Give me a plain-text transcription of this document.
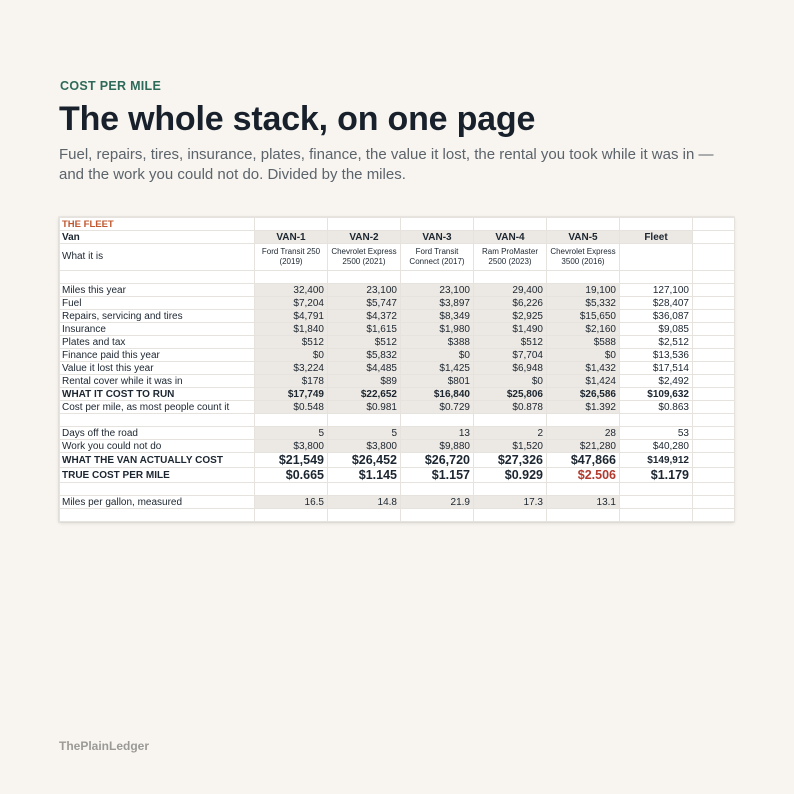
COST PER MILE
The whole stack, on one page
Fuel, repairs, tires, insurance, plates, finance, the value it lost, the rental you took while it was in — and the work you could not do. Divided by the miles.
THE FLEET							
Van	VAN-1	VAN-2	VAN-3	VAN-4	VAN-5	Fleet	
What it is	Ford Transit 250 (2019)	Chevrolet Express 2500 (2021)	Ford Transit Connect (2017)	Ram ProMaster 2500 (2023)	Chevrolet Express 3500 (2016)		

Miles this year	32,400	23,100	23,100	29,400	19,100	127,100	
Fuel	$7,204	$5,747	$3,897	$6,226	$5,332	$28,407	
Repairs, servicing and tires	$4,791	$4,372	$8,349	$2,925	$15,650	$36,087	
Insurance	$1,840	$1,615	$1,980	$1,490	$2,160	$9,085	
Plates and tax	$512	$512	$388	$512	$588	$2,512	
Finance paid this year	$0	$5,832	$0	$7,704	$0	$13,536	
Value it lost this year	$3,224	$4,485	$1,425	$6,948	$1,432	$17,514	
Rental cover while it was in	$178	$89	$801	$0	$1,424	$2,492	
WHAT IT COST TO RUN	$17,749	$22,652	$16,840	$25,806	$26,586	$109,632	
Cost per mile, as most people count it	$0.548	$0.981	$0.729	$0.878	$1.392	$0.863	

Days off the road	5	5	13	2	28	53	
Work you could not do	$3,800	$3,800	$9,880	$1,520	$21,280	$40,280	
WHAT THE VAN ACTUALLY COST	$21,549	$26,452	$26,720	$27,326	$47,866	$149,912	
TRUE COST PER MILE	$0.665	$1.145	$1.157	$0.929	$2.506	$1.179	

Miles per gallon, measured	16.5	14.8	21.9	17.3	13.1		

ThePlainLedger
